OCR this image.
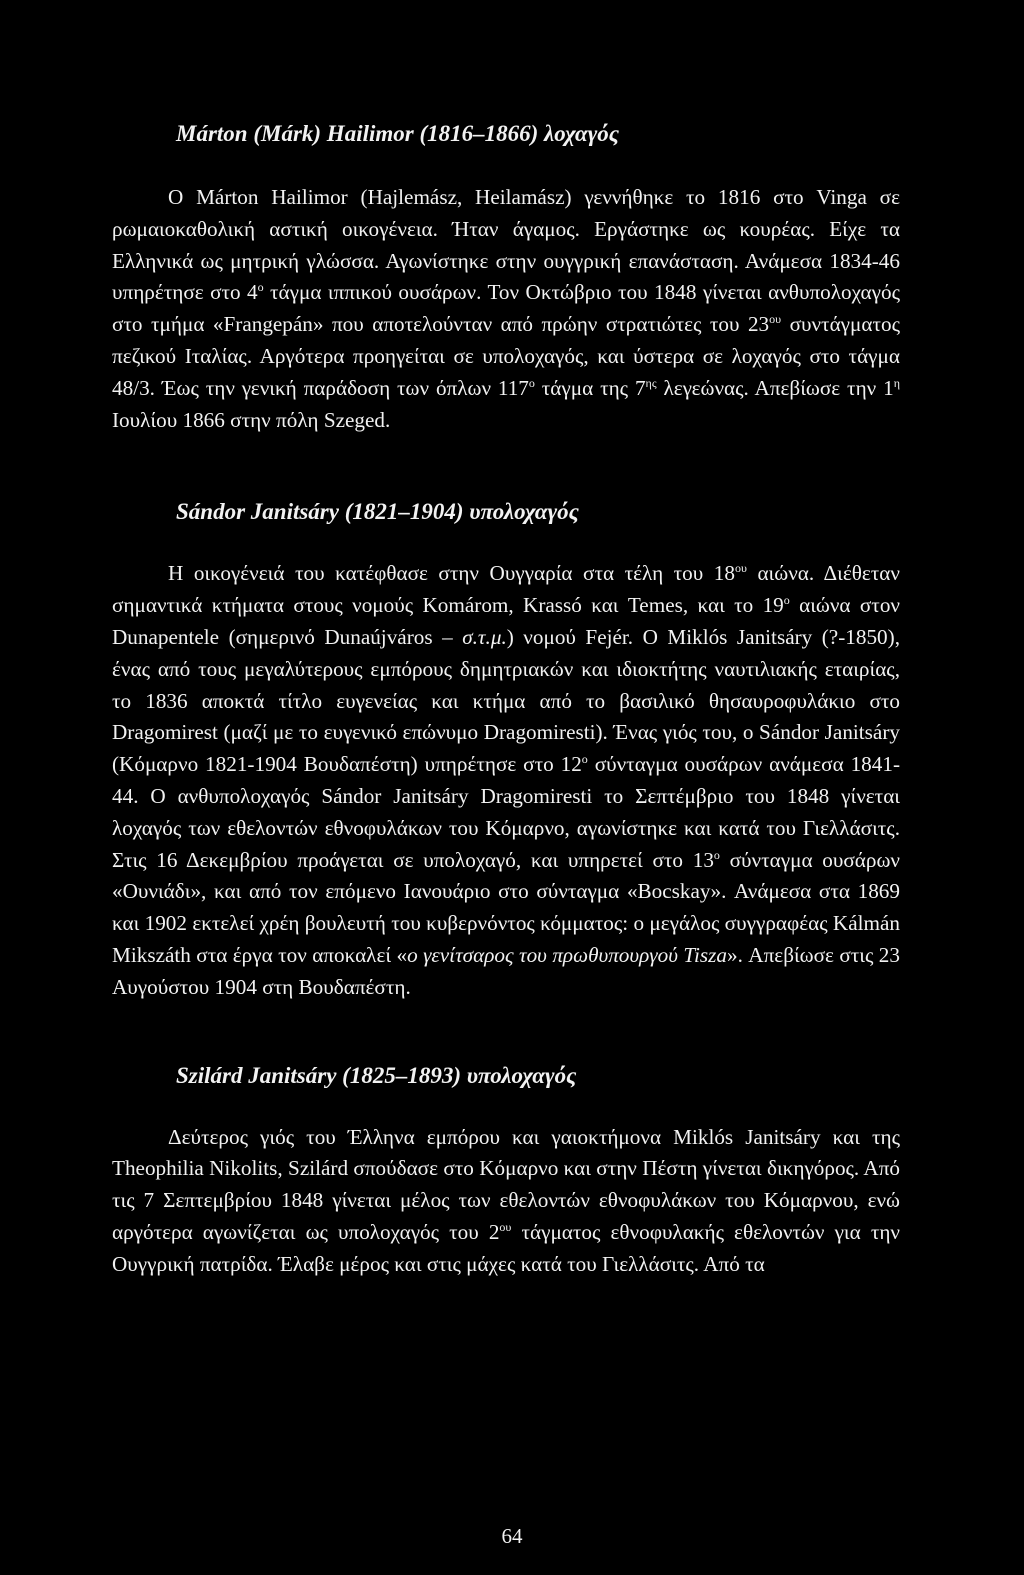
Márton (Márk) Hailimor (1816–1866) λοχαγός

O Márton Hailimor (Hajlemász, Heilamász) γεννήθηκε το 1816 στο Vinga σε ρωμαιοκαθολική αστική οικογένεια. Ήταν άγαμος. Εργάστηκε ως κουρέας. Είχε τα Ελληνικά ως μητρική γλώσσα. Αγωνίστηκε στην ουγγρική επανάσταση. Ανάμεσα 1834-46 υπηρέτησε στο $4^o$ τάγμα ιππικού ουσάρων. Τον Οκτώβριο του 1848 γίνεται ανθυπολοχαγός στο τμήμα «Frangepán» που αποτελούνταν από πρώην στρατιώτες του $23^{o\upsilon}$ συντάγματος πεζικού Ιταλίας. Αργότερα προηγείται σε υπολοχαγός, και ύστερα σε λοχαγός στο τάγμα 48/3. Έως την γενική παράδοση των όπλων $117^o$ τάγμα της $7^{\eta\varsigma}$ λεγεώνας. Απεβίωσε την $1^\eta$ Ιουλίου 1866 στην πόλη Szeged.

Sándor Janitsáry (1821–1904) υπολοχαγός

Η οικογένειά του κατέφθασε στην Ουγγαρία στα τέλη του $18^{o\upsilon}$ αιώνα. Διέθεταν σημαντικά κτήματα στους νομούς Komárom, Krassó και Temes, και το $19^o$ αιώνα στον Dunapentele (σημερινό Dunaújváros – σ.τ.μ.) νομού Fejér. O Miklós Janitsáry (?-1850), ένας από τους μεγαλύτερους εμπόρους δημητριακών και ιδιοκτήτης ναυτιλιακής εταιρίας, το 1836 αποκτά τίτλο ευγενείας και κτήμα από το βασιλικό θησαυροφυλάκιο στο Dragomirest (μαζί με το ευγενικό επώνυμο Dragomiresti). Ένας γιός του, ο Sándor Janitsáry (Κόμαρνο 1821-1904 Βουδαπέστη) υπηρέτησε στο $12^o$ σύνταγμα ουσάρων ανάμεσα 1841-44. O ανθυπολοχαγός Sándor Janitsáry Dragomiresti το Σεπτέμβριο του 1848 γίνεται λοχαγός των εθελοντών εθνοφυλάκων του Κόμαρνο, αγωνίστηκε και κατά του Γιελλάσιτς. Στις 16 Δεκεμβρίου προάγεται σε υπολοχαγό, και υπηρετεί στο $13^o$ σύνταγμα ουσάρων «Ουνιάδι», και από τον επόμενο Ιανουάριο στο σύνταγμα «Bocskay». Ανάμεσα στα 1869 και 1902 εκτελεί χρέη βουλευτή του κυβερνόντος κόμματος: ο μεγάλος συγγραφέας Kálmán Mikszáth στα έργα τον αποκαλεί «ο γενίτσαρος του πρωθυπουργού Tisza». Απεβίωσε στις 23 Αυγούστου 1904 στη Βουδαπέστη.

Szilárd Janitsáry (1825–1893) υπολοχαγός

Δεύτερος γιός του Έλληνα εμπόρου και γαιοκτήμονα Miklós Janitsáry και της Theophilia Nikolits, Szilárd σπούδασε στο Κόμαρνο και στην Πέστη γίνεται δικηγόρος. Από τις 7 Σεπτεμβρίου 1848 γίνεται μέλος των εθελοντών εθνοφυλάκων του Κόμαρνου, ενώ αργότερα αγωνίζεται ως υπολοχαγός του $2^{o\upsilon}$ τάγματος εθνοφυλακής εθελοντών για την Ουγγρική πατρίδα. Έλαβε μέρος και στις μάχες κατά του Γιελλάσιτς. Από τα

64
